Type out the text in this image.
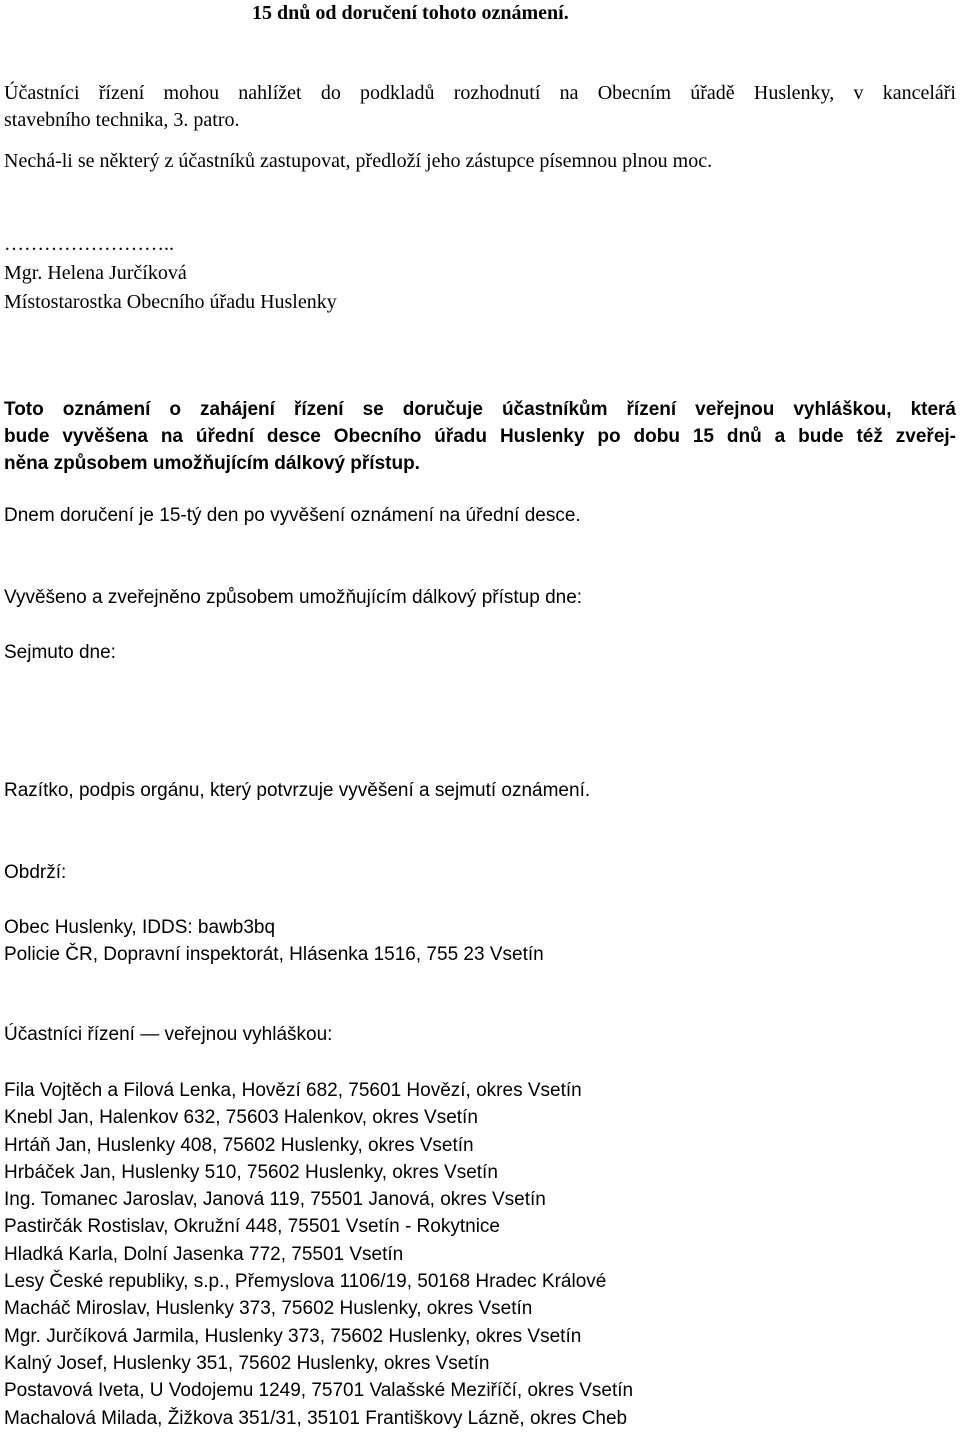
15 dnů od doručení tohoto oznámení.
Účastníci řízení mohou nahlížet do podkladů rozhodnutí na Obecním úřadě Huslenky, v kanceláři
stavebního technika, 3. patro.
Nechá-li se některý z účastníků zastupovat, předloží jeho zástupce písemnou plnou moc.
……………………..
Mgr. Helena Jurčíková
Místostarostka Obecního úřadu Huslenky
Toto oznámení o zahájení řízení se doručuje účastníkům řízení veřejnou vyhláškou, která
bude vyvěšena na úřední desce Obecního úřadu Huslenky po dobu 15 dnů a bude též zveřej-
něna způsobem umožňujícím dálkový přístup.
Dnem doručení je 15-tý den po vyvěšení oznámení na úřední desce.
Vyvěšeno a zveřejněno způsobem umožňujícím dálkový přístup dne:
Sejmuto dne:
Razítko, podpis orgánu, který potvrzuje vyvěšení a sejmutí oznámení.
Obdrží:
Obec Huslenky, IDDS: bawb3bq
Policie ČR, Dopravní inspektorát, Hlásenka 1516, 755 23 Vsetín
Účastníci řízení — veřejnou vyhláškou:
Fila Vojtěch a Filová Lenka, Hovězí 682, 75601 Hovězí, okres Vsetín
Knebl Jan, Halenkov 632, 75603 Halenkov, okres Vsetín
Hrtáň Jan, Huslenky 408, 75602 Huslenky, okres Vsetín
Hrbáček Jan, Huslenky 510, 75602 Huslenky, okres Vsetín
Ing. Tomanec Jaroslav, Janová 119, 75501 Janová, okres Vsetín
Pastirčák Rostislav, Okružní 448, 75501 Vsetín - Rokytnice
Hladká Karla, Dolní Jasenka 772, 75501 Vsetín
Lesy České republiky, s.p., Přemyslova 1106/19, 50168 Hradec Králové
Macháč Miroslav, Huslenky 373, 75602 Huslenky, okres Vsetín
Mgr. Jurčíková Jarmila, Huslenky 373, 75602 Huslenky, okres Vsetín
Kalný Josef, Huslenky 351, 75602 Huslenky, okres Vsetín
Postavová Iveta, U Vodojemu 1249, 75701 Valašské Meziříčí, okres Vsetín
Machalová Milada, Žižkova 351/31, 35101 Františkovy Lázně, okres Cheb
